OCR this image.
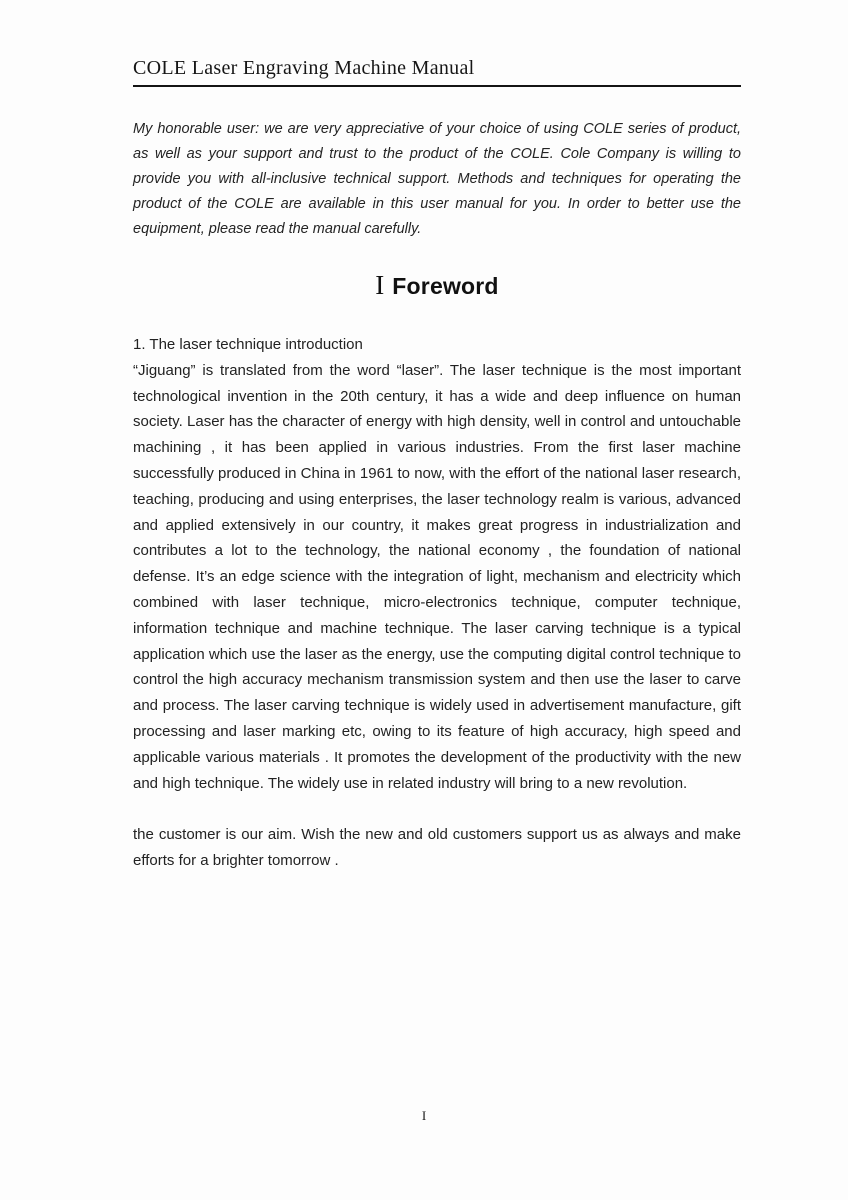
COLE Laser Engraving Machine Manual

My honorable user: we are very appreciative of your choice of using COLE series of product, as well as your support and trust to the product of the COLE. Cole Company is willing to provide you with all-inclusive technical support. Methods and techniques for operating the product of the COLE are available in this user manual for you. In order to better use the equipment, please read the manual carefully.

I Foreword
1. The laser technique introduction
“Jiguang” is translated from the word “laser”. The laser technique is the most important technological invention in the 20th century, it has a wide and deep influence on human society. Laser has the character of energy with high density, well in control and untouchable machining , it has been applied in various industries. From the first laser machine successfully produced in China in 1961 to now, with the effort of the national laser research, teaching, producing and using enterprises, the laser technology realm is various, advanced and applied extensively in our country, it makes great progress in industrialization and contributes a lot to the technology, the national economy , the foundation of national defense. It’s an edge science with the integration of light, mechanism and electricity which combined with laser technique, micro-electronics technique, computer technique, information technique and machine technique. The laser carving technique is a typical application which use the laser as the energy, use the computing digital control technique to control the high accuracy mechanism transmission system and then use the laser to carve and process. The laser carving technique is widely used in advertisement manufacture, gift processing and laser marking etc, owing to its feature of high accuracy, high speed and applicable various materials . It promotes the development of the productivity with the new and high technique. The widely use in related industry will bring to a new revolution.
the customer is our aim. Wish the new and old customers support us as always and make efforts for a brighter tomorrow .
I
